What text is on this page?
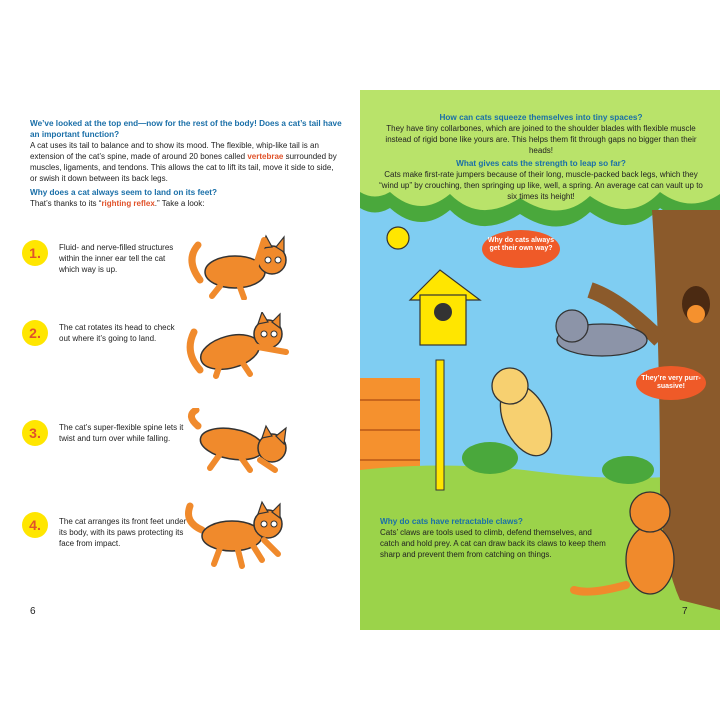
We’ve looked at the top end—now for the rest of the body! Does a cat’s tail have an important function?

A cat uses its tail to balance and to show its mood. The flexible, whip-like tail is an extension of the cat’s spine, made of around 20 bones called vertebrae surrounded by muscles, ligaments, and tendons. This allows the cat to lift its tail, move it side to side, or swish it down between its back legs.

Why does a cat always seem to land on its feet?

That’s thanks to its “righting reflex.” Take a look:

1.	Fluid- and nerve-filled structures within the inner ear tell the cat which way is up.
2.	The cat rotates its head to check out where it’s going to land.
3.	The cat’s super-flexible spine lets it twist and turn over while falling.
4.	The cat arranges its front feet under its body, with its paws protecting its face from impact.
6

How can cats squeeze themselves into tiny spaces?

They have tiny collarbones, which are joined to the shoulder blades with flexible muscle instead of rigid bone like yours are. This helps them fit through gaps no bigger than their heads!

What gives cats the strength to leap so far?

Cats make first-rate jumpers because of their long, muscle-packed back legs, which they “wind up” by crouching, then springing up like, well, a spring. An average cat can vault up to six times its height!

Why do cats always get their own way?
They’re very purr-suasive!

Why do cats have retractable claws?

Cats’ claws are tools used to climb, defend themselves, and catch and hold prey. A cat can draw back its claws to keep them sharp and prevent them from catching on things.

7
